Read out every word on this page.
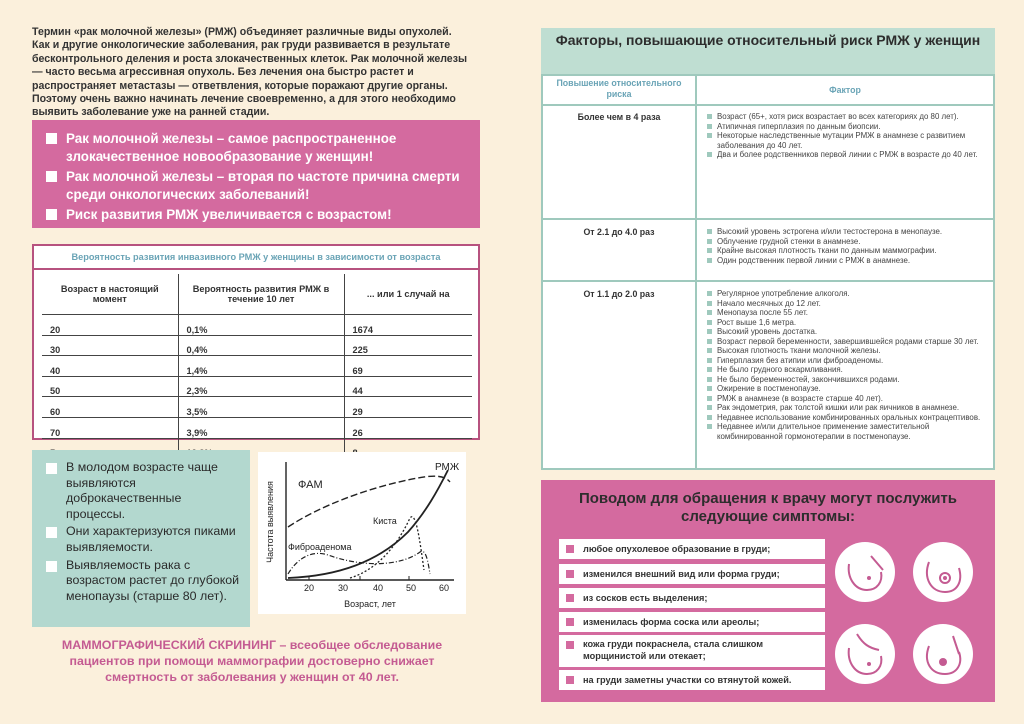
Термин «рак молочной железы» (РМЖ) объединяет различные виды опухолей. Как и другие онкологические заболевания, рак груди развивается в результате бесконтрольного деления и роста злокачественных клеток. Рак молочной железы — часто весьма агрессивная опухоль. Без лечения она быстро растет и распространяет метастазы — ответвления, которые поражают другие органы. Поэтому очень важно начинать лечение своевременно, а для этого необходимо выявить заболевание уже на ранней стадии.
Рак молочной железы – самое распространенное злокачественное новообразование у женщин!
Рак молочной железы – вторая по частоте причина смерти среди онкологических заболеваний!
Риск развития РМЖ увеличивается с возрастом!
Вероятность развития инвазивного РМЖ у женщины в зависимости от возраста
Возраст в настоящий момент	Вероятность развития РМЖ в течение 10 лет	... или 1 случай на
20	0,1%	1674
30	0,4%	225
40	1,4%	69
50	2,3%	44
60	3,5%	29
70	3,9%	26

В молодом возрасте чаще выявляются доброкачественные процессы.
Они характеризуются пиками выявляемости.
Выявляемость рака с возрастом растет до глубокой менопаузы (старше 80 лет).
20	30	40	50	60
Возраст, лет
Частота выявления ФАМ
РМЖ
Киста
Фиброаденома
МАММОГРАФИЧЕСКИЙ СКРИНИНГ – всеобщее обследование пациентов при помощи маммографии достоверно снижает смертность от заболевания у женщин от 40 лет.
Факторы, повышающие относительный риск РМЖ у женщин
Повышение относительного риска	Фактор
Более чем в 4 раза	Возраст (65+, хотя риск возрастает во всех категориях до 80 лет).
Атипичная гиперплазия по данным биопсии.
Некоторые наследственные мутации РМЖ в анамнезе с развитием заболевания до 40 лет.
Два и более родственников первой линии с РМЖ в возрасте до 40 лет.
От 2.1 до 4.0 раз	Высокий уровень эстрогена и/или тестостерона в менопаузе.
Облучение грудной стенки в анамнезе.
Крайне высокая плотность ткани по данным маммографии.
Один родственник первой линии с РМЖ в анамнезе.
От 1.1 до 2.0 раз	Регулярное употребление алкоголя.
Начало месячных до 12 лет.
Менопауза после 55 лет.
Рост выше 1,6 метра.
Высокий уровень достатка.
Возраст первой беременности, завершившейся родами старше 30 лет.
Высокая плотность ткани молочной железы.
Гиперплазия без атипии или фиброаденомы.
Не было грудного вскармливания.
Не было беременностей, закончившихся родами.
Ожирение в постменопаузе.
РМЖ в анамнезе (в возрасте старше 40 лет).
Рак эндометрия, рак толстой кишки или рак яичников в анамнезе.
Недавнее использование комбинированных оральных контрацептивов.
Недавнее и/или длительное применение заместительной комбинированной гормонотерапии в постменопаузе.
Поводом для обращения к врачу могут послужить следующие симптомы:
любое опухолевое образование в груди;
изменился внешний вид или форма груди;
из сосков есть выделения;
изменилась форма соска или ареолы;
кожа груди покраснела, стала слишком морщинистой или отекает;
на груди заметны участки со втянутой кожей.
